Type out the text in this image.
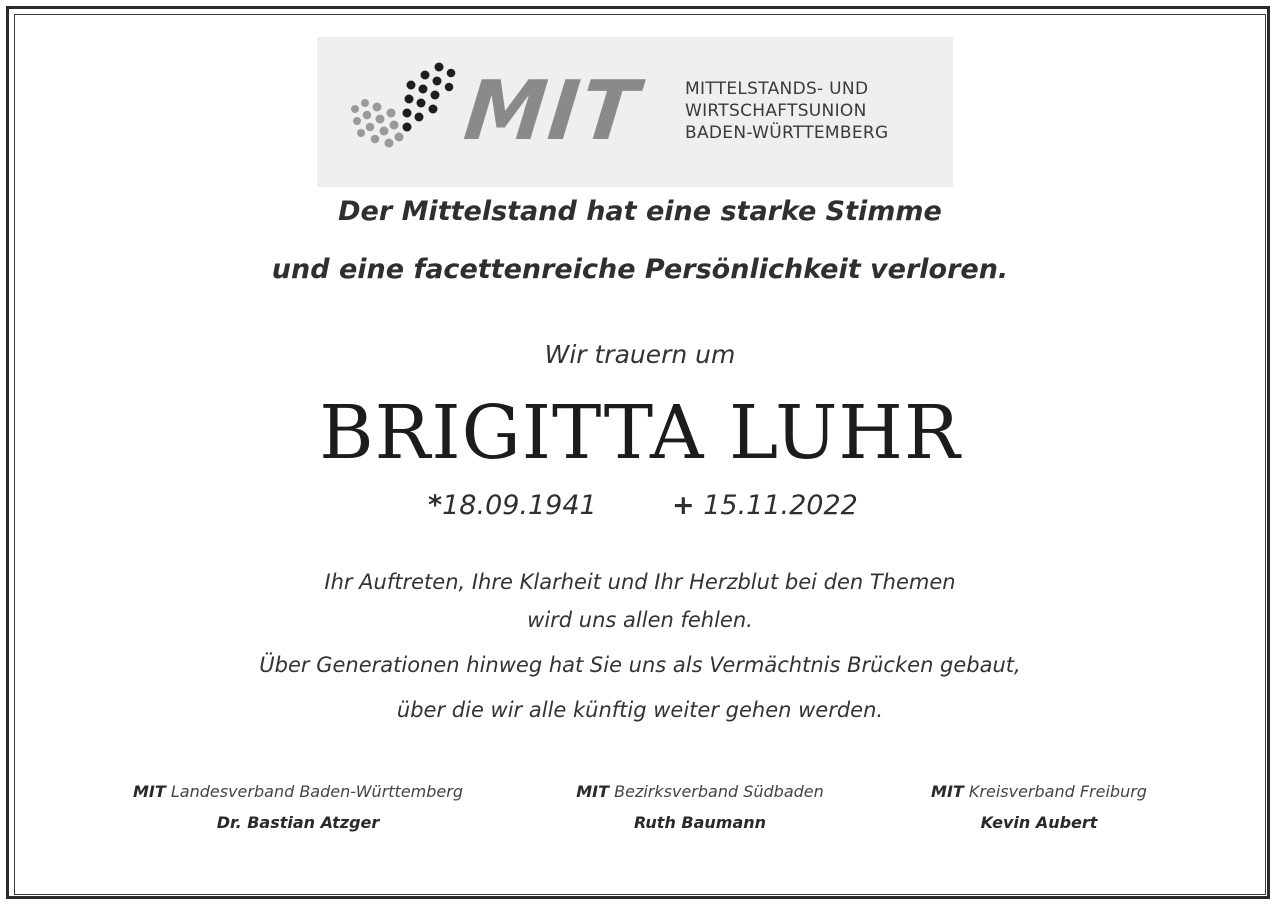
MIT MITTELSTANDS- UND
WIRTSCHAFTSUNION
BADEN-WÜRTTEMBERG
Der Mittelstand hat eine starke Stimme
und eine facettenreiche Persönlichkeit verloren.
Wir trauern um
BRIGITTA LUHR
*18.09.1941	+ 15.11.2022
Ihr Auftreten, Ihre Klarheit und Ihr Herzblut bei den Themen
wird uns allen fehlen.
Über Generationen hinweg hat Sie uns als Vermächtnis Brücken gebaut,
über die wir alle künftig weiter gehen werden.
MIT Landesverband Baden-Württemberg
Dr. Bastian Atzger
MIT Bezirksverband Südbaden
Ruth Baumann
MIT Kreisverband Freiburg
Kevin Aubert
